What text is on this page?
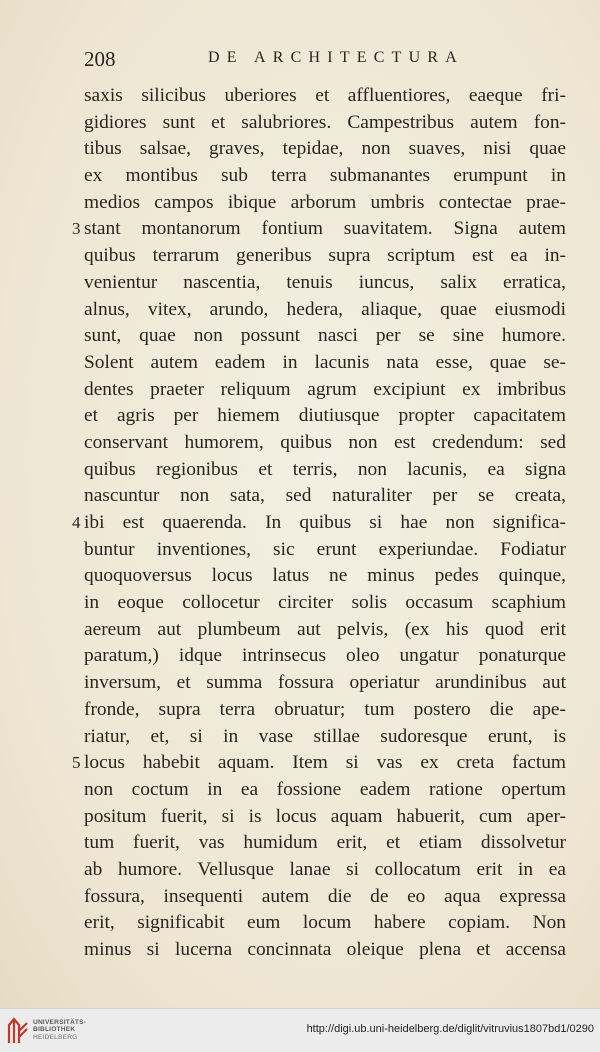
208	DE ARCHITECTURA
saxis silicibus uberiores et affluentiores, eaeque fri-
gidiores sunt et salubriores. Campestribus autem fon-
tibus salsae, graves, tepidae, non suaves, nisi quae
ex montibus sub terra submanantes erumpunt in
medios campos ibique arborum umbris contectae prae-
3 stant montanorum fontium suavitatem. Signa autem
quibus terrarum generibus supra scriptum est ea in-
venientur nascentia, tenuis iuncus, salix erratica,
alnus, vitex, arundo, hedera, aliaque, quae eiusmodi
sunt, quae non possunt nasci per se sine humore.
Solent autem eadem in lacunis nata esse, quae se-
dentes praeter reliquum agrum excipiunt ex imbribus
et agris per hiemem diutiusque propter capacitatem
conservant humorem, quibus non est credendum: sed
quibus regionibus et terris, non lacunis, ea signa
nascuntur non sata, sed naturaliter per se creata,
4 ibi est quaerenda. In quibus si hae non significa-
buntur inventiones, sic erunt experiundae. Fodiatur
quoquoversus locus latus ne minus pedes quinque,
in eoque collocetur circiter solis occasum scaphium
aereum aut plumbeum aut pelvis, (ex his quod erit
paratum,) idque intrinsecus oleo ungatur ponaturque
inversum, et summa fossura operiatur arundinibus aut
fronde, supra terra obruatur; tum postero die ape-
riatur, et, si in vase stillae sudoresque erunt, is
5 locus habebit aquam. Item si vas ex creta factum
non coctum in ea fossione eadem ratione opertum
positum fuerit, si is locus aquam habuerit, cum aper-
tum fuerit, vas humidum erit, et etiam dissolvetur
ab humore. Vellusque lanae si collocatum erit in ea
fossura, insequenti autem die de eo aqua expressa
erit, significabit eum locum habere copiam. Non
minus si lucerna concinnata oleique plena et accensa
UNIVERSITÄTS-
BIBLIOTHEK
HEIDELBERG
http://digi.ub.uni-heidelberg.de/diglit/vitruvius1807bd1/0290
